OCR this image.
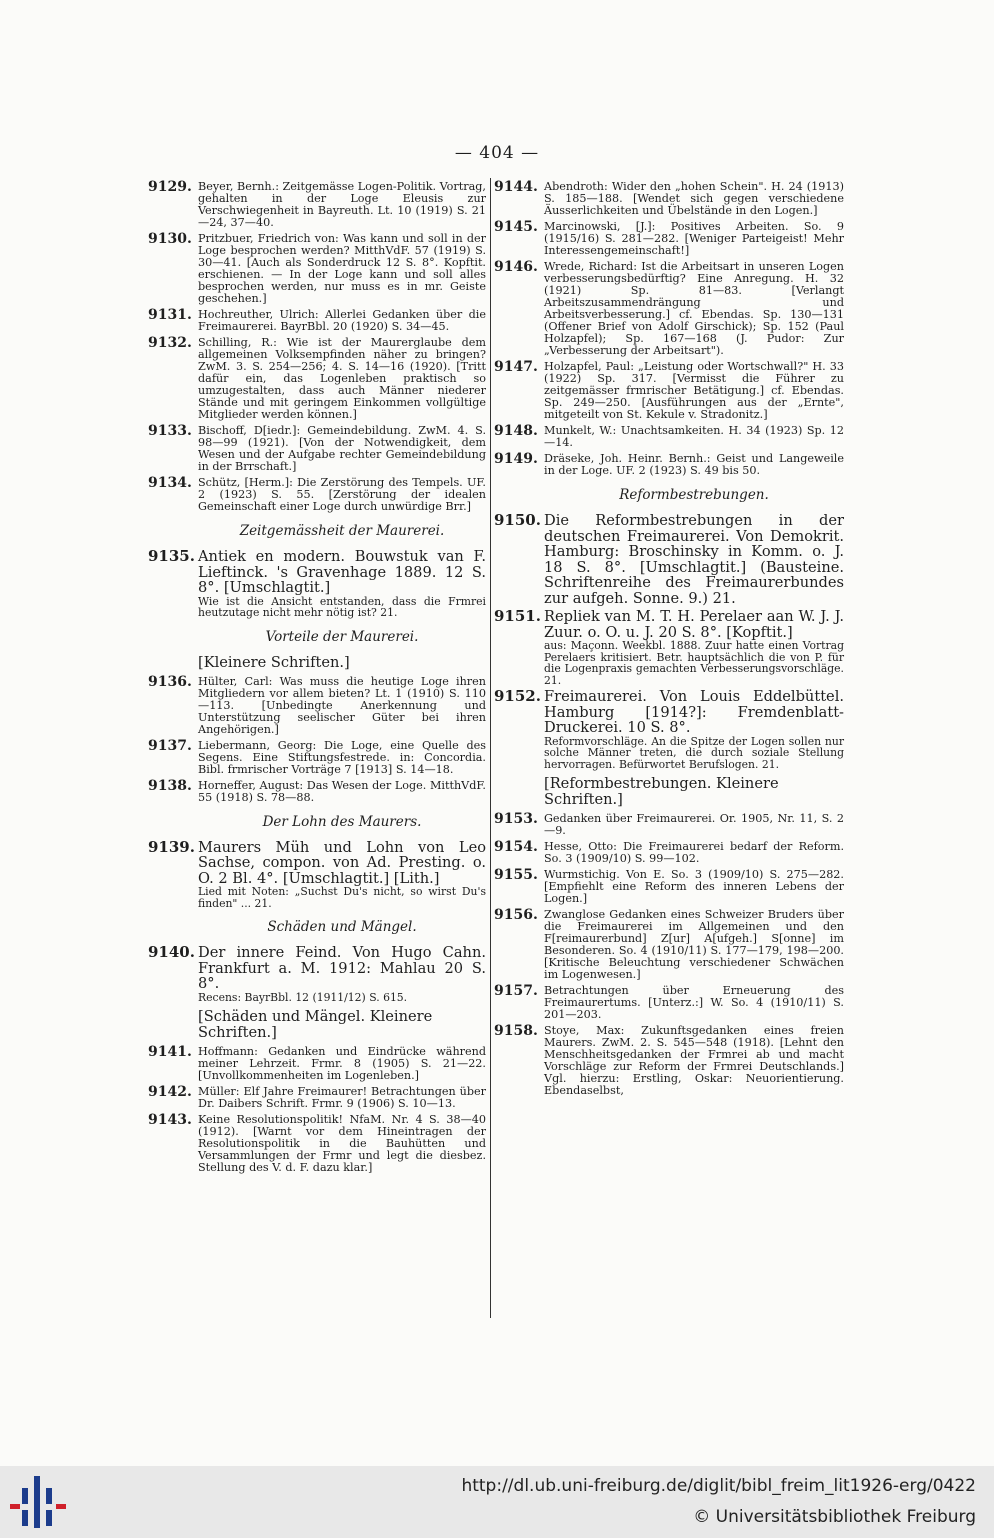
— 404 —
9129. Beyer, Bernh.: Zeitgemässe Logen-Politik. Vortrag, gehalten in der Loge Eleusis zur Verschwiegenheit in Bayreuth. Lt. 10 (1919) S. 21—24, 37—40.
9130. Pritzbuer, Friedrich von: Was kann und soll in der Loge besprochen werden? MitthVdF. 57 (1919) S. 30—41. [Auch als Sonderdruck 12 S. 8°. Kopftit. erschienen. — In der Loge kann und soll alles besprochen werden, nur muss es in mr. Geiste geschehen.]
9131. Hochreuther, Ulrich: Allerlei Gedanken über die Freimaurerei. BayrBbl. 20 (1920) S. 34—45.
9132. Schilling, R.: Wie ist der Maurerglaube dem allgemeinen Volksempfinden näher zu bringen? ZwM. 3. S. 254—256; 4. S. 14—16 (1920). [Tritt dafür ein, das Logenleben praktisch so umzugestalten, dass auch Männer niederer Stände und mit geringem Einkommen vollgültige Mitglieder werden können.]
9133. Bischoff, D[iedr.]: Gemeindebildung. ZwM. 4. S. 98—99 (1921). [Von der Notwendigkeit, dem Wesen und der Aufgabe rechter Gemeindebildung in der Brrschaft.]
9134. Schütz, [Herm.]: Die Zerstörung des Tempels. UF. 2 (1923) S. 55. [Zerstörung der idealen Gemeinschaft einer Loge durch unwürdige Brr.]
Zeitgemässheit der Maurerei.
9135. Antiek en modern. Bouwstuk van F. Lieftinck. 's Gravenhage 1889. 12 S. 8°. [Umschlagtit.]
Wie ist die Ansicht entstanden, dass die Frmrei heutzutage nicht mehr nötig ist? 21.
Vorteile der Maurerei.
[Kleinere Schriften.]
9136. Hülter, Carl: Was muss die heutige Loge ihren Mitgliedern vor allem bieten? Lt. 1 (1910) S. 110—113. [Unbedingte Anerkennung und Unterstützung seelischer Güter bei ihren Angehörigen.]
9137. Liebermann, Georg: Die Loge, eine Quelle des Segens. Eine Stiftungsfestrede. in: Concordia. Bibl. frmrischer Vorträge 7 [1913] S. 14—18.
9138. Horneffer, August: Das Wesen der Loge. MitthVdF. 55 (1918) S. 78—88.
Der Lohn des Maurers.
9139. Maurers Müh und Lohn von Leo Sachse, compon. von Ad. Presting. o. O. 2 Bl. 4°. [Umschlagtit.] [Lith.]
Lied mit Noten: „Suchst Du's nicht, so wirst Du's finden" ... 21.
Schäden und Mängel.
9140. Der innere Feind. Von Hugo Cahn. Frankfurt a. M. 1912: Mahlau 20 S. 8°.
Recens: BayrBbl. 12 (1911/12) S. 615.
[Schäden und Mängel. Kleinere Schriften.]
9141. Hoffmann: Gedanken und Eindrücke während meiner Lehrzeit. Frmr. 8 (1905) S. 21—22. [Unvollkommenheiten im Logenleben.]
9142. Müller: Elf Jahre Freimaurer! Betrachtungen über Dr. Daibers Schrift. Frmr. 9 (1906) S. 10—13.
9143. Keine Resolutionspolitik! NfaM. Nr. 4 S. 38—40 (1912). [Warnt vor dem Hineintragen der Resolutionspolitik in die Bauhütten und Versammlungen der Frmr und legt die diesbez. Stellung des V. d. F. dazu klar.]
9144. Abendroth: Wider den „hohen Schein". H. 24 (1913) S. 185—188. [Wendet sich gegen verschiedene Äusserlichkeiten und Übelstände in den Logen.]
9145. Marcinowski, [J.]: Positives Arbeiten. So. 9 (1915/16) S. 281—282. [Weniger Parteigeist! Mehr Interessengemeinschaft!]
9146. Wrede, Richard: Ist die Arbeitsart in unseren Logen verbesserungsbedürftig? Eine Anregung. H. 32 (1921) Sp. 81—83. [Verlangt Arbeitszusammendrängung und Arbeitsverbesserung.] cf. Ebendas. Sp. 130—131 (Offener Brief von Adolf Girschick); Sp. 152 (Paul Holzapfel); Sp. 167—168 (J. Pudor: Zur „Verbesserung der Arbeitsart").
9147. Holzapfel, Paul: „Leistung oder Wortschwall?" H. 33 (1922) Sp. 317. [Vermisst die Führer zu zeitgemässer frmrischer Betätigung.] cf. Ebendas. Sp. 249—250. [Ausführungen aus der „Ernte", mitgeteilt von St. Kekule v. Stradonitz.]
9148. Munkelt, W.: Unachtsamkeiten. H. 34 (1923) Sp. 12—14.
9149. Dräseke, Joh. Heinr. Bernh.: Geist und Langeweile in der Loge. UF. 2 (1923) S. 49 bis 50.
Reformbestrebungen.
9150. Die Reformbestrebungen in der deutschen Freimaurerei. Von Demokrit. Hamburg: Broschinsky in Komm. o. J. 18 S. 8°. [Umschlagtit.] (Bausteine. Schriftenreihe des Freimaurerbundes zur aufgeh. Sonne. 9.) 21.
9151. Repliek van M. T. H. Perelaer aan W. J. J. Zuur. o. O. u. J. 20 S. 8°. [Kopftit.]
aus: Maçonn. Weekbl. 1888. Zuur hatte einen Vortrag Perelaers kritisiert. Betr. hauptsächlich die von P. für die Logenpraxis gemachten Verbesserungsvorschläge. 21.
9152. Freimaurerei. Von Louis Eddelbüttel. Hamburg [1914?]: Fremdenblatt-Druckerei. 10 S. 8°.
Reformvorschläge. An die Spitze der Logen sollen nur solche Männer treten, die durch soziale Stellung hervorragen. Befürwortet Berufslogen. 21.
[Reformbestrebungen. Kleinere Schriften.]
9153. Gedanken über Freimaurerei. Or. 1905, Nr. 11, S. 2—9.
9154. Hesse, Otto: Die Freimaurerei bedarf der Reform. So. 3 (1909/10) S. 99—102.
9155. Wurmstichig. Von E. So. 3 (1909/10) S. 275—282. [Empfiehlt eine Reform des inneren Lebens der Logen.]
9156. Zwanglose Gedanken eines Schweizer Bruders über die Freimaurerei im Allgemeinen und den F[reimaurerbund] Z[ur] A[ufgeh.] S[onne] im Besonderen. So. 4 (1910/11) S. 177—179, 198—200. [Kritische Beleuchtung verschiedener Schwächen im Logenwesen.]
9157. Betrachtungen über Erneuerung des Freimaurertums. [Unterz.:] W. So. 4 (1910/11) S. 201—203.
9158. Stoye, Max: Zukunftsgedanken eines freien Maurers. ZwM. 2. S. 545—548 (1918). [Lehnt den Menschheitsgedanken der Frmrei ab und macht Vorschläge zur Reform der Frmrei Deutschlands.] Vgl. hierzu: Erstling, Oskar: Neuorientierung. Ebendaselbst,
http://dl.ub.uni-freiburg.de/diglit/bibl_freim_lit1926-erg/0422
© Universitätsbibliothek Freiburg
